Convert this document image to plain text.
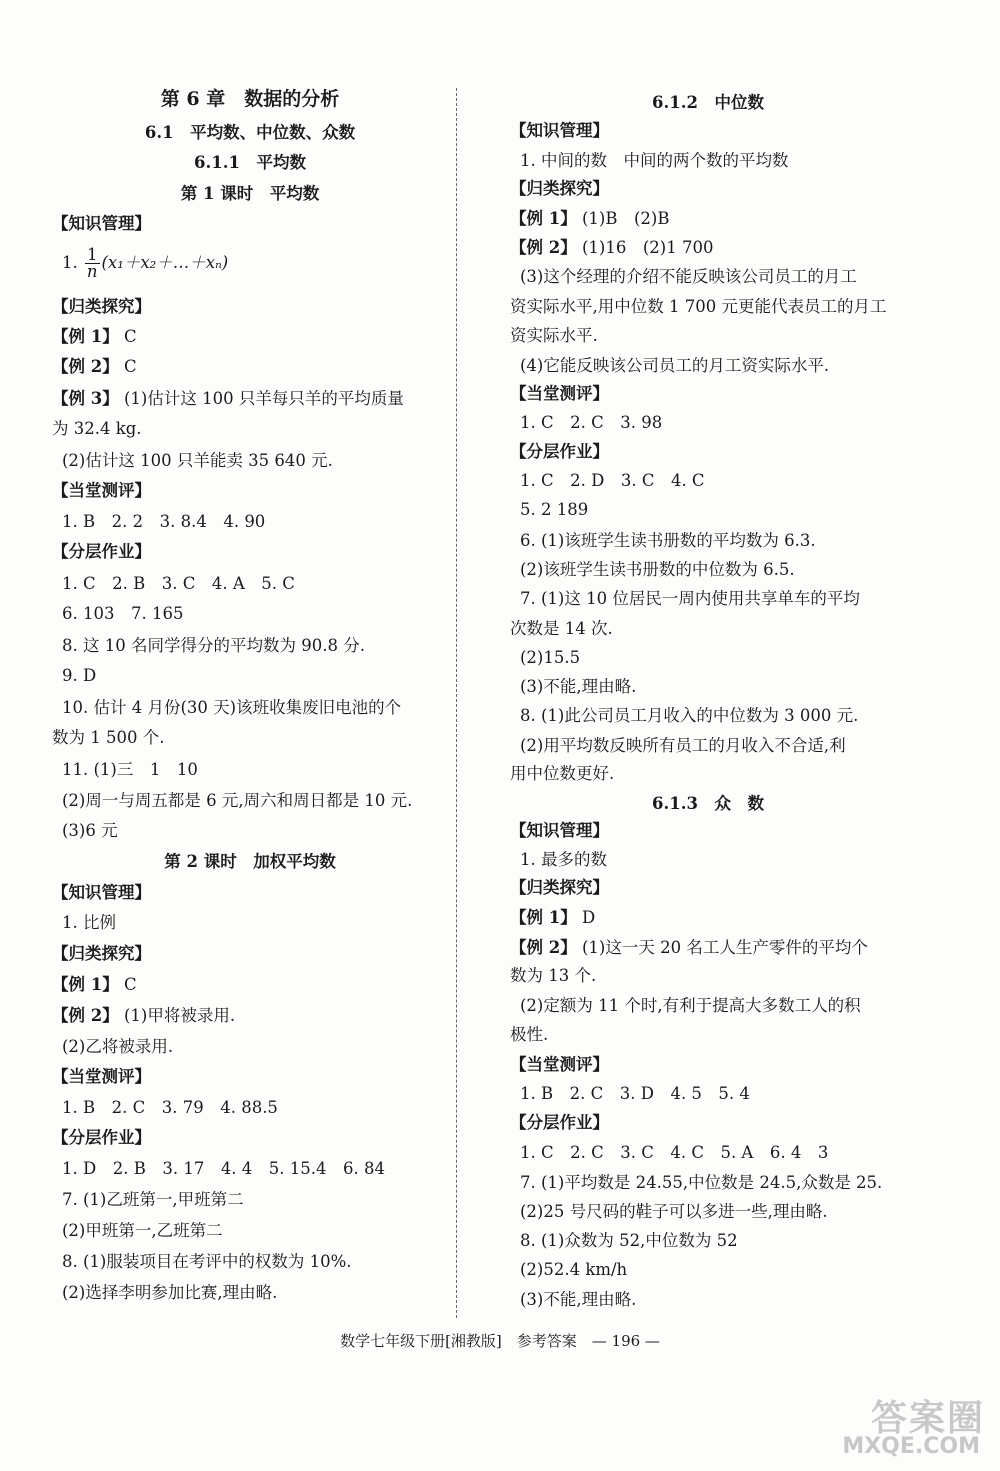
第 6 章　数据的分析
6.1　平均数、中位数、众数
6.1.1　平均数
第 1 课时　平均数
【知识管理】
1. $\frac{1}{n}$ (x₁＋x₂＋…＋xₙ)
【归类探究】
【例 1】 C
【例 2】 C
【例 3】 (1)估计这 100 只羊每只羊的平均质量
为 32.4 kg.
(2)估计这 100 只羊能卖 35 640 元.
【当堂测评】
1. B　2. 2　3. 8.4　4. 90
【分层作业】
1. C　2. B　3. C　4. A　5. C
6. 103　7. 165
8. 这 10 名同学得分的平均数为 90.8 分.
9. D
10. 估计 4 月份(30 天)该班收集废旧电池的个
数为 1 500 个.
11. (1)三　1　10
(2)周一与周五都是 6 元,周六和周日都是 10 元.
(3)6 元
第 2 课时　加权平均数
【知识管理】
1. 比例
【归类探究】
【例 1】 C
【例 2】 (1)甲将被录用.
(2)乙将被录用.
【当堂测评】
1. B　2. C　3. 79　4. 88.5
【分层作业】
1. D　2. B　3. 17　4. 4　5. 15.4　6. 84
7. (1)乙班第一,甲班第二
(2)甲班第一,乙班第二
8. (1)服装项目在考评中的权数为 10%.
(2)选择李明参加比赛,理由略.
6.1.2　中位数
【知识管理】
1. 中间的数　中间的两个数的平均数
【归类探究】
【例 1】 (1)B　(2)B
【例 2】 (1)16　(2)1 700
(3)这个经理的介绍不能反映该公司员工的月工
资实际水平,用中位数 1 700 元更能代表员工的月工
资实际水平.
(4)它能反映该公司员工的月工资实际水平.
【当堂测评】
1. C　2. C　3. 98
【分层作业】
1. C　2. D　3. C　4. C
5. 2 189
6. (1)该班学生读书册数的平均数为 6.3.
(2)该班学生读书册数的中位数为 6.5.
7. (1)这 10 位居民一周内使用共享单车的平均
次数是 14 次.
(2)15.5
(3)不能,理由略.
8. (1)此公司员工月收入的中位数为 3 000 元.
(2)用平均数反映所有员工的月收入不合适,利
用中位数更好.
6.1.3　众　数
【知识管理】
1. 最多的数
【归类探究】
【例 1】 D
【例 2】 (1)这一天 20 名工人生产零件的平均个
数为 13 个.
(2)定额为 11 个时,有利于提高大多数工人的积
极性.
【当堂测评】
1. B　2. C　3. D　4. 5　5. 4
【分层作业】
1. C　2. C　3. C　4. C　5. A　6. 4　3
7. (1)平均数是 24.55,中位数是 24.5,众数是 25.
(2)25 号尺码的鞋子可以多进一些,理由略.
8. (1)众数为 52,中位数为 52
(2)52.4 km/h
(3)不能,理由略.
数学七年级下册[湘教版]　参考答案　— 196 —
答案圈
MXQE.COM
